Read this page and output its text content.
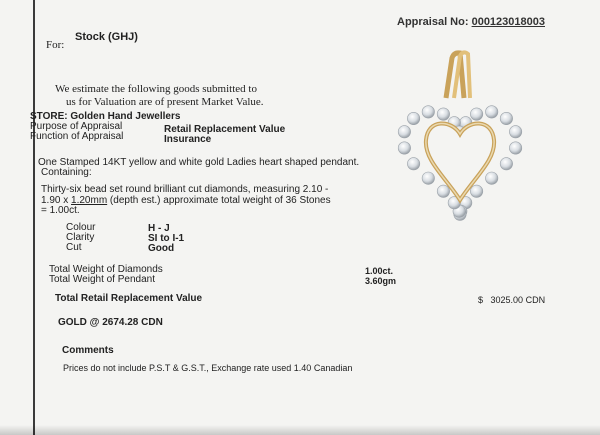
Appraisal No: 000123018003
For:
Stock (GHJ)
We estimate the following goods submitted to
us for Valuation are of present Market Value.
STORE: Golden Hand Jewellers
Purpose of Appraisal	Retail Replacement Value
Function of Appraisal	Insurance
One Stamped 14KT yellow and white gold Ladies heart shaped pendant.
Containing:
Thirty-six bead set round brilliant cut diamonds, measuring 2.10 -
1.90 x 1.20mm (depth est.) approximate total weight of 36 Stones
= 1.00ct.
Colour	H - J
Clarity	SI to I-1
Cut	Good
Total Weight of Diamonds	1.00ct.
Total Weight of Pendant	3.60gm
Total Retail Replacement Value	$ 3025.00 CDN
GOLD @ 2674.28 CDN
Comments
Prices do not include P.S.T & G.S.T., Exchange rate used 1.40 Canadian
